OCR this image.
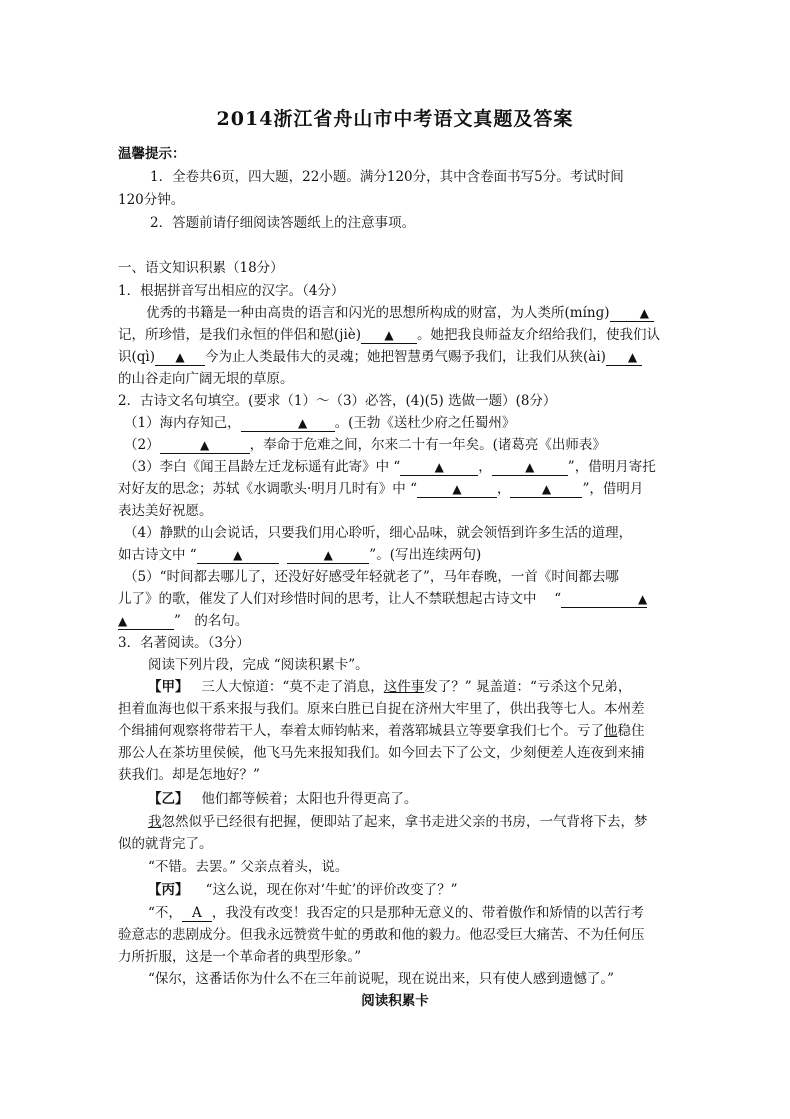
2014浙江省舟山市中考语文真题及答案
温馨提示：
1．全卷共6页，四大题，22小题。满分120分，其中含卷面书写5分。考试时间
120分钟。
2．答题前请仔细阅读答题纸上的注意事项。
一、语文知识积累（18分）
1．根据拼音写出相应的汉字。（4分）
优秀的书籍是一种由高贵的语言和闪光的思想所构成的财富，为人类所(mínɡ)	▲
记，所珍惜，是我们永恒的伴侣和慰(jiè) ▲ 。她把我良师益友介绍给我们，使我们认
识(qì) ▲ 今为止人类最伟大的灵魂；她把智慧勇气赐予我们，让我们从狭(ài) ▲
的山谷走向广阔无垠的草原。
2．古诗文名句填空。(要求（1）～（3）必答，(4)(5) 选做一题）(8分）
（1）海内存知己，	▲ 。(王勃《送杜少府之任蜀州》
（2）	▲	，奉命于危难之间，尔来二十有一年矣。(诸葛亮《出师表》
（3）李白《闻王昌龄左迁龙标遥有此寄》中 “	▲	，	▲ ”，借明月寄托
对好友的思念；苏轼《水调歌头·明月几时有》中 “	▲	，	▲ ”，借明月
表达美好祝愿。
（4）静默的山会说话，只要我们用心聆听，细心品味，就会领悟到许多生活的道理，
如古诗文中 “	▲	▲	”。(写出连续两句)
（5）“时间都去哪儿了，还没好好感受年轻就老了”，马年春晚，一首《时间都去哪
儿了》的歌，催发了人们对珍惜时间的思考，让人不禁联想起古诗文中　 “	▲
▲	”　的名句。
3．名著阅读。（3分）
阅读下列片段，完成 “阅读积累卡”。
【甲】 三人大惊道：“莫不走了消息，这件事发了？” 晁盖道：“亏杀这个兄弟，
担着血海也似干系来报与我们。原来白胜已自捉在济州大牢里了，供出我等七人。本州差
个缉捕何观察将带若干人，奉着太师钧帖来，着落郓城县立等要拿我们七个。亏了他稳住
那公人在茶坊里侯候，他飞马先来报知我们。如今回去下了公文，少刻便差人连夜到来捕
获我们。却是怎地好？”
【乙】 他们都等候着；太阳也升得更高了。
我忽然似乎已经很有把握，便即站了起来，拿书走进父亲的书房，一气背将下去，梦
似的就背完了。
“不错。去罢。” 父亲点着头，说。
【丙】 “这么说，现在你对‘牛虻’的评价改变了？”
“不， A ，我没有改变！我否定的只是那种无意义的、带着傲作和矫情的以苦行考
验意志的悲剧成分。但我永远赞赏牛虻的勇敢和他的毅力。他忍受巨大痛苦、不为任何压
力所折服，这是一个革命者的典型形象。”
“保尔，这番话你为什么不在三年前说呢，现在说出来，只有使人感到遗憾了。”
阅读积累卡
